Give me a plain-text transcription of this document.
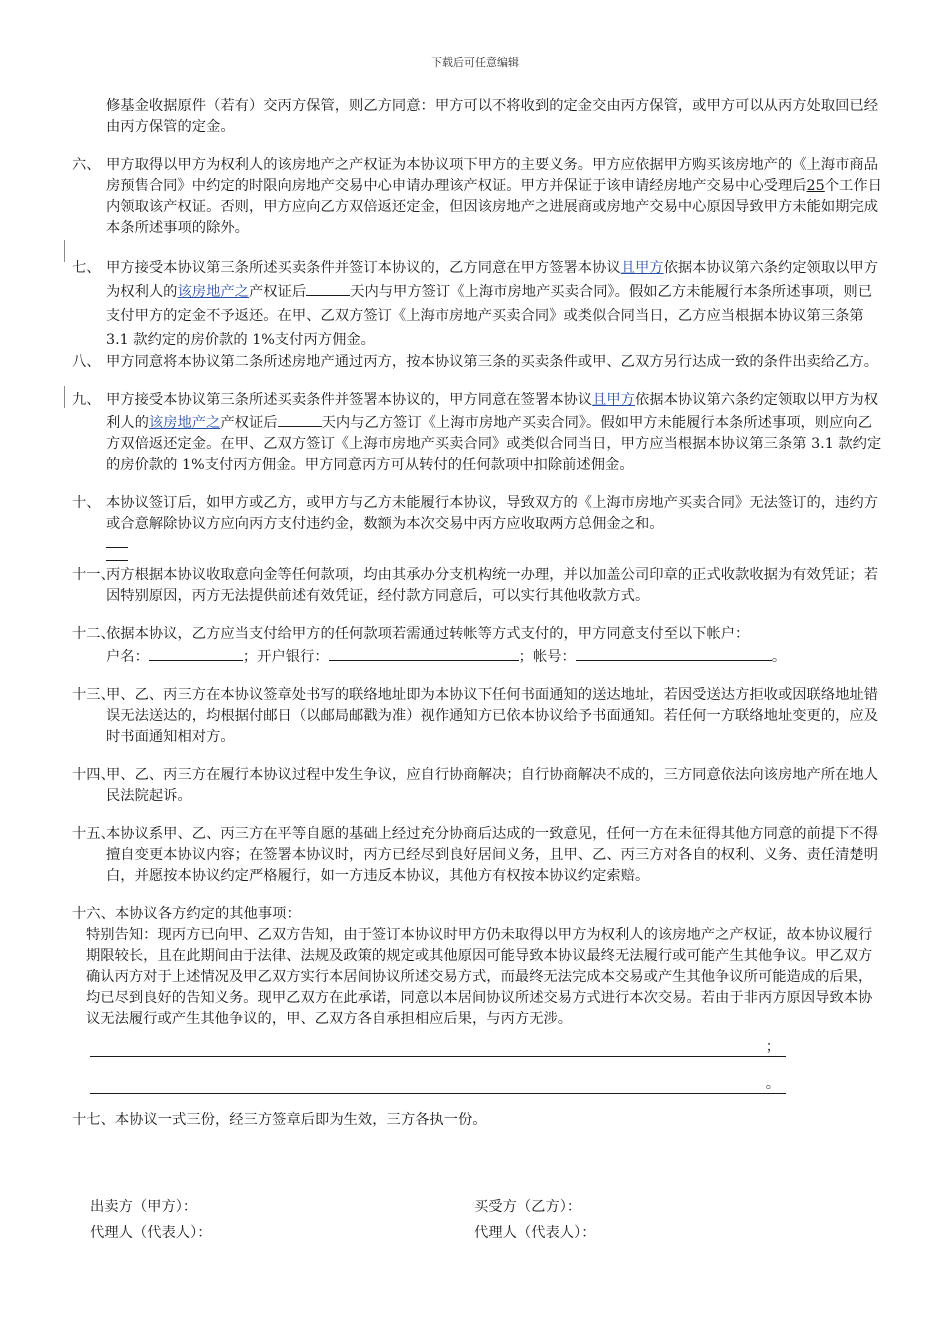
下载后可任意编辑
修基金收据原件（若有）交丙方保管，则乙方同意：甲方可以不将收到的定金交由丙方保管，或甲方可以从丙方处取回已经由丙方保管的定金。
六、 甲方取得以甲方为权利人的该房地产之产权证为本协议项下甲方的主要义务。甲方应依据甲方购买该房地产的《上海市商品房预售合同》中约定的时限向房地产交易中心申请办理该产权证。甲方并保证于该申请经房地产交易中心受理后25个工作日内领取该产权证。否则，甲方应向乙方双倍返还定金，但因该房地产之进展商或房地产交易中心原因导致甲方未能如期完成本条所述事项的除外。
七、 甲方接受本协议第三条所述买卖条件并签订本协议的，乙方同意在甲方签署本协议且甲方依据本协议第六条约定领取以甲方为权利人的该房地产之产权证后	天内与甲方签订《上海市房地产买卖合同》。假如乙方未能履行本条所述事项，则已支付甲方的定金不予返还。在甲、乙双方签订《上海市房地产买卖合同》或类似合同当日，乙方应当根据本协议第三条第 3.1 款约定的房价款的 1%支付丙方佣金。
八、 甲方同意将本协议第二条所述房地产通过丙方，按本协议第三条的买卖条件或甲、乙双方另行达成一致的条件出卖给乙方。
九、 甲方接受本协议第三条所述买卖条件并签署本协议的，甲方同意在签署本协议且甲方依据本协议第六条约定领取以甲方为权利人的该房地产之产权证后	天内与乙方签订《上海市房地产买卖合同》。假如甲方未能履行本条所述事项，则应向乙方双倍返还定金。在甲、乙双方签订《上海市房地产买卖合同》或类似合同当日，甲方应当根据本协议第三条第 3.1 款约定的房价款的 1%支付丙方佣金。甲方同意丙方可从转付的任何款项中扣除前述佣金。
十、 本协议签订后，如甲方或乙方，或甲方与乙方未能履行本协议，导致双方的《上海市房地产买卖合同》无法签订的，违约方或合意解除协议方应向丙方支付违约金，数额为本次交易中丙方应收取两方总佣金之和。
十一、
丙方根据本协议收取意向金等任何款项，均由其承办分支机构统一办理，并以加盖公司印章的正式收款收据为有效凭证；若因特别原因，丙方无法提供前述有效凭证，经付款方同意后，可以实行其他收款方式。
十二、
依据本协议，乙方应当支付给甲方的任何款项若需通过转帐等方式支付的，甲方同意支付至以下帐户：
户名：	；开户银行：	；帐号：	。
十三、
甲、乙、丙三方在本协议签章处书写的联络地址即为本协议下任何书面通知的送达地址，若因受送达方拒收或因联络地址错误无法送达的，均根据付邮日（以邮局邮戳为准）视作通知方已依本协议给予书面通知。若任何一方联络地址变更的，应及时书面通知相对方。
十四、
甲、乙、丙三方在履行本协议过程中发生争议，应自行协商解决；自行协商解决不成的，三方同意依法向该房地产所在地人民法院起诉。
十五、
本协议系甲、乙、丙三方在平等自愿的基础上经过充分协商后达成的一致意见，任何一方在未征得其他方同意的前提下不得擅自变更本协议内容；在签署本协议时，丙方已经尽到良好居间义务，且甲、乙、丙三方对各自的权利、义务、责任清楚明白，并愿按本协议约定严格履行，如一方违反本协议，其他方有权按本协议约定索赔。
十六、 本协议各方约定的其他事项：
特别告知：现丙方已向甲、乙双方告知，由于签订本协议时甲方仍未取得以甲方为权利人的该房地产之产权证，故本协议履行期限较长，且在此期间由于法律、法规及政策的规定或其他原因可能导致本协议最终无法履行或可能产生其他争议。甲乙双方确认丙方对于上述情况及甲乙双方实行本居间协议所述交易方式，而最终无法完成本交易或产生其他争议所可能造成的后果，均已尽到良好的告知义务。现甲乙双方在此承诺，同意以本居间协议所述交易方式进行本次交易。若由于非丙方原因导致本协议无法履行或产生其他争议的，甲、乙双方各自承担相应后果，与丙方无涉。
；
。
十七、 本协议一式三份，经三方签章后即为生效，三方各执一份。
出卖方（甲方）：	买受方（乙方）：
代理人（代表人）：	代理人（代表人）：
